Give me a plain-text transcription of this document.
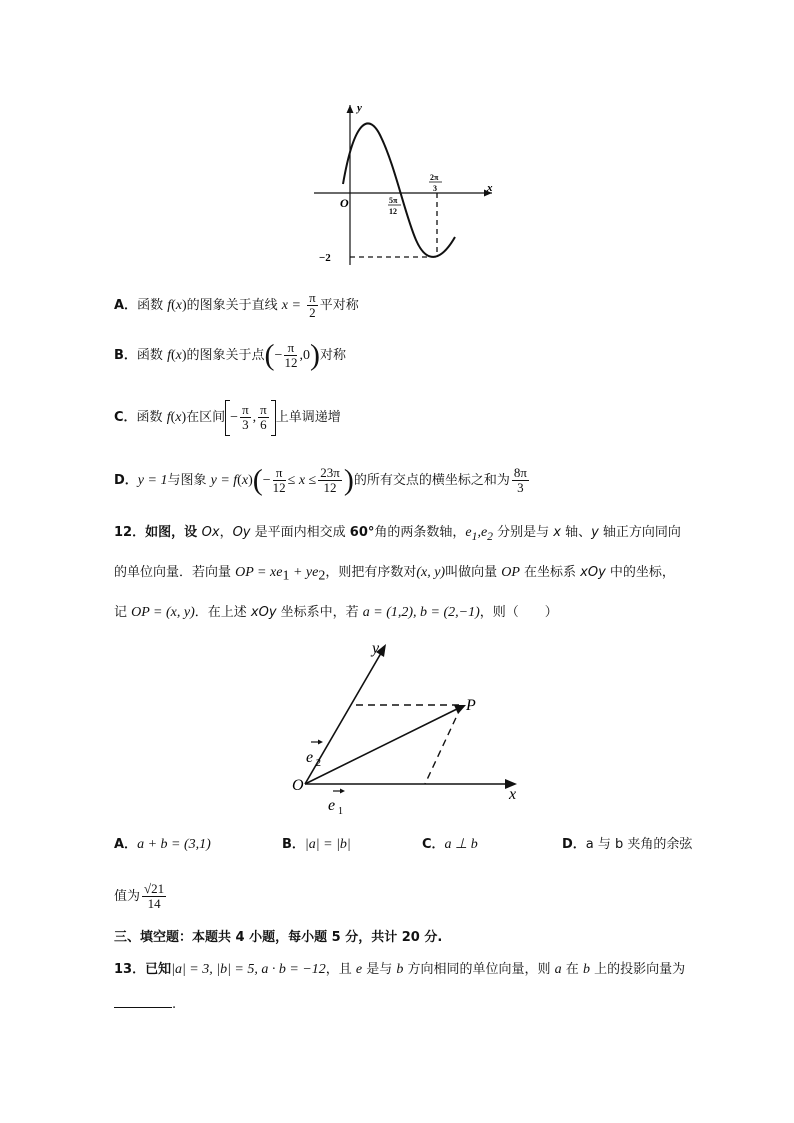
y
x
O	5π
12
2π
3
−2
A．函数 f(x)的图象关于直线 $x = \frac{\pi}{2}$ 平对称
B．函数 f(x)的图象关于点(− $\frac{\pi}{12} ,0$)对称
C．函数 f(x)在区间 − $\frac{\pi}{3}$ , $\frac{\pi}{6}$ 上单调递增
D．y = 1与图象 $y = f(x)(- \frac{\pi}{12} \le x \le \frac{23\pi}{12}$ )的所有交点的横坐标之和为 $\frac{8\pi}{3}$
12．如图，设 Ox，Oy 是平面内相交成 60°角的两条数轴，$e_1,e_2$ 分别是与 x 轴、y 轴正方向同向
的单位向量．若向量 OP = $xe_1 + ye_2$，则把有序数对(x, y)叫做向量 OP 在坐标系 xOy 中的坐标，
记 OP = (x, y)．在上述 xOy 坐标系中，若 a = (1,2), b = (2,−1)，则（　　）
y
P
O
x
e 2
e 1
A．a + b = (3,1)	B．|a| = |b|	C．a ⊥ b	D．a 与 b 夹角的余弦
值为 $\frac{√21}{14}$
三、填空题：本题共 4 小题，每小题 5 分，共计 20 分.
13．已知|a| = 3, |b| = 5, a · b = −12，且 e 是与 b 方向相同的单位向量，则 a 在 b 上的投影向量为
.
